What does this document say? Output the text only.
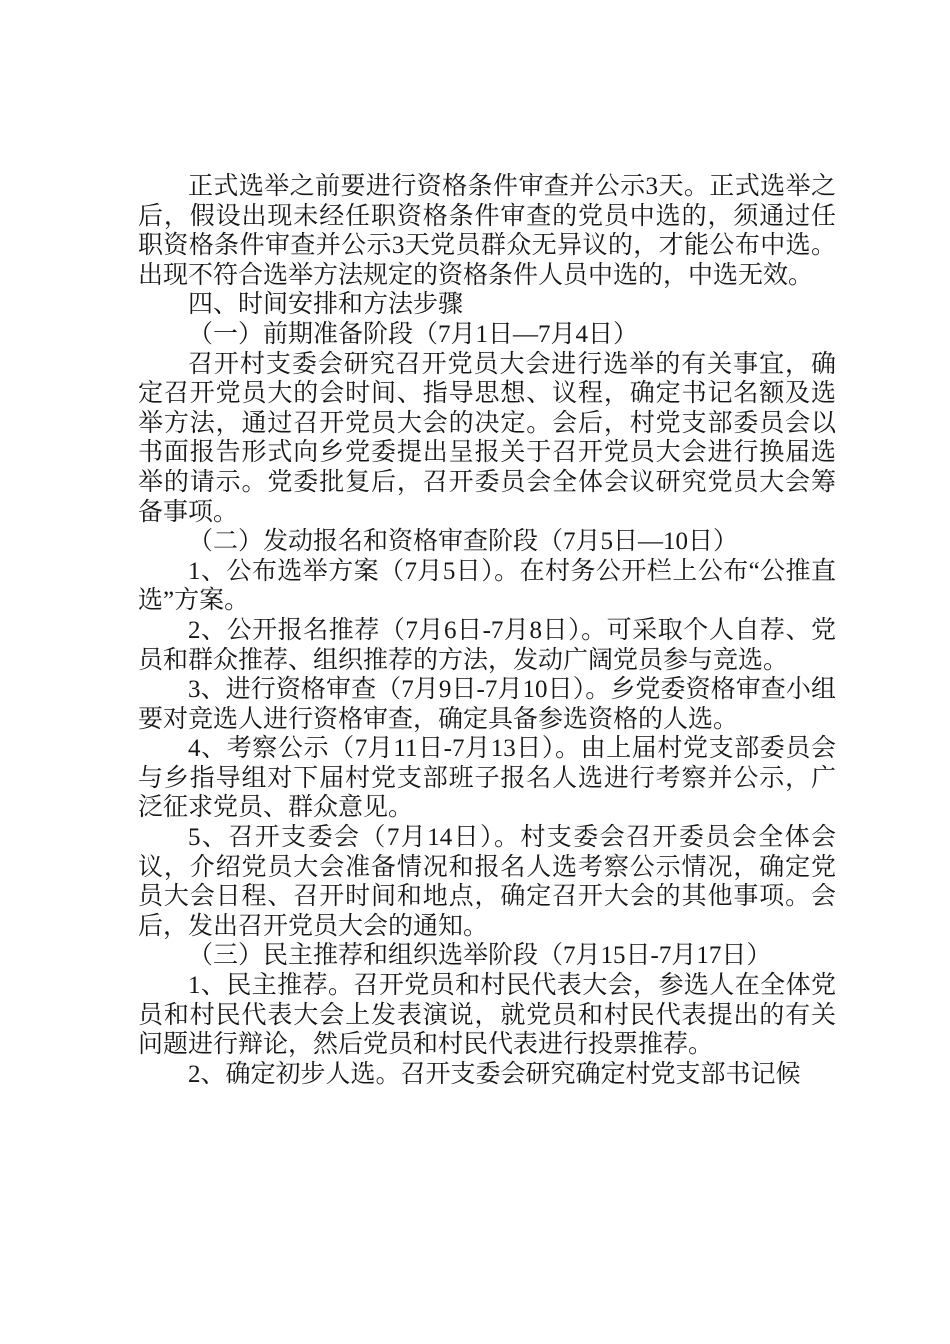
正式选举之前要进行资格条件审查并公示3天。正式选举之后，假设出现未经任职资格条件审查的党员中选的，须通过任职资格条件审查并公示3天党员群众无异议的，才能公布中选。出现不符合选举方法规定的资格条件人员中选的，中选无效。

四、时间安排和方法步骤

（一）前期准备阶段（7月1日—7月4日）

召开村支委会研究召开党员大会进行选举的有关事宜，确定召开党员大的会时间、指导思想、议程，确定书记名额及选举方法，通过召开党员大会的决定。会后，村党支部委员会以书面报告形式向乡党委提出呈报关于召开党员大会进行换届选举的请示。党委批复后，召开委员会全体会议研究党员大会筹备事项。

（二）发动报名和资格审查阶段（7月5日—10日）

1、公布选举方案（7月5日）。在村务公开栏上公布“公推直选”方案。

2、公开报名推荐（7月6日-7月8日）。可采取个人自荐、党员和群众推荐、组织推荐的方法，发动广阔党员参与竞选。

3、进行资格审查（7月9日-7月10日）。乡党委资格审查小组要对竞选人进行资格审查，确定具备参选资格的人选。

4、考察公示（7月11日-7月13日）。由上届村党支部委员会与乡指导组对下届村党支部班子报名人选进行考察并公示，广泛征求党员、群众意见。

5、召开支委会（7月14日）。村支委会召开委员会全体会议，介绍党员大会准备情况和报名人选考察公示情况，确定党员大会日程、召开时间和地点，确定召开大会的其他事项。会后，发出召开党员大会的通知。

（三）民主推荐和组织选举阶段（7月15日-7月17日）

1、民主推荐。召开党员和村民代表大会，参选人在全体党员和村民代表大会上发表演说，就党员和村民代表提出的有关问题进行辩论，然后党员和村民代表进行投票推荐。

2、确定初步人选。召开支委会研究确定村党支部书记候
